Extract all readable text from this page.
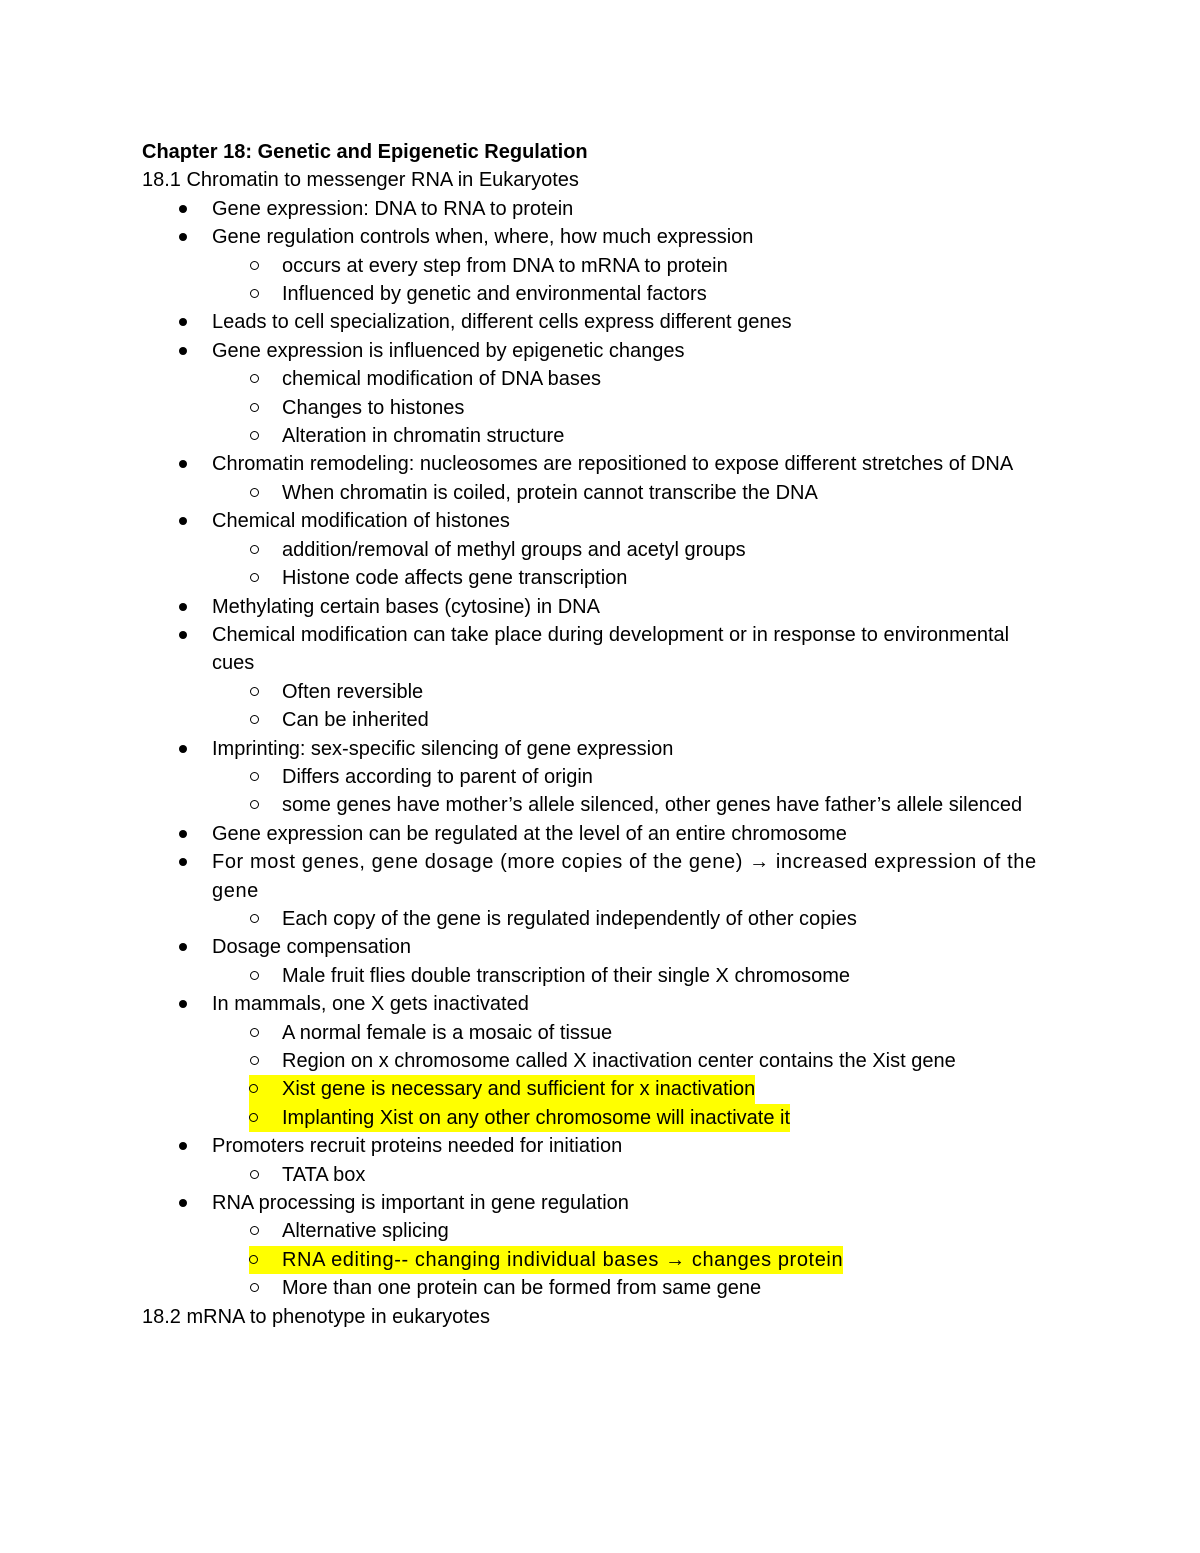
Chapter 18: Genetic and Epigenetic Regulation

18.1 Chromatin to messenger RNA in Eukaryotes

Gene expression: DNA to RNA to protein
Gene regulation controls when, where, how much expression
occurs at every step from DNA to mRNA to protein
Influenced by genetic and environmental factors
Leads to cell specialization, different cells express different genes
Gene expression is influenced by epigenetic changes
chemical modification of DNA bases
Changes to histones
Alteration in chromatin structure
Chromatin remodeling: nucleosomes are repositioned to expose different stretches of DNA
When chromatin is coiled, protein cannot transcribe the DNA
Chemical modification of histones
addition/removal of methyl groups and acetyl groups
Histone code affects gene transcription
Methylating certain bases (cytosine) in DNA
Chemical modification can take place during development or in response to environmental cues
Often reversible
Can be inherited
Imprinting: sex-specific silencing of gene expression
Differs according to parent of origin
some genes have mother’s allele silenced, other genes have father’s allele silenced
Gene expression can be regulated at the level of an entire chromosome
For most genes, gene dosage (more copies of the gene) → increased expression of the gene
Each copy of the gene is regulated independently of other copies
Dosage compensation
Male fruit flies double transcription of their single X chromosome
In mammals, one X gets inactivated
A normal female is a mosaic of tissue
Region on x chromosome called X inactivation center contains the Xist gene
Xist gene is necessary and sufficient for x inactivation
Implanting Xist on any other chromosome will inactivate it
Promoters recruit proteins needed for initiation
TATA box
RNA processing is important in gene regulation
Alternative splicing
RNA editing-- changing individual bases → changes protein
More than one protein can be formed from same gene

18.2 mRNA to phenotype in eukaryotes
